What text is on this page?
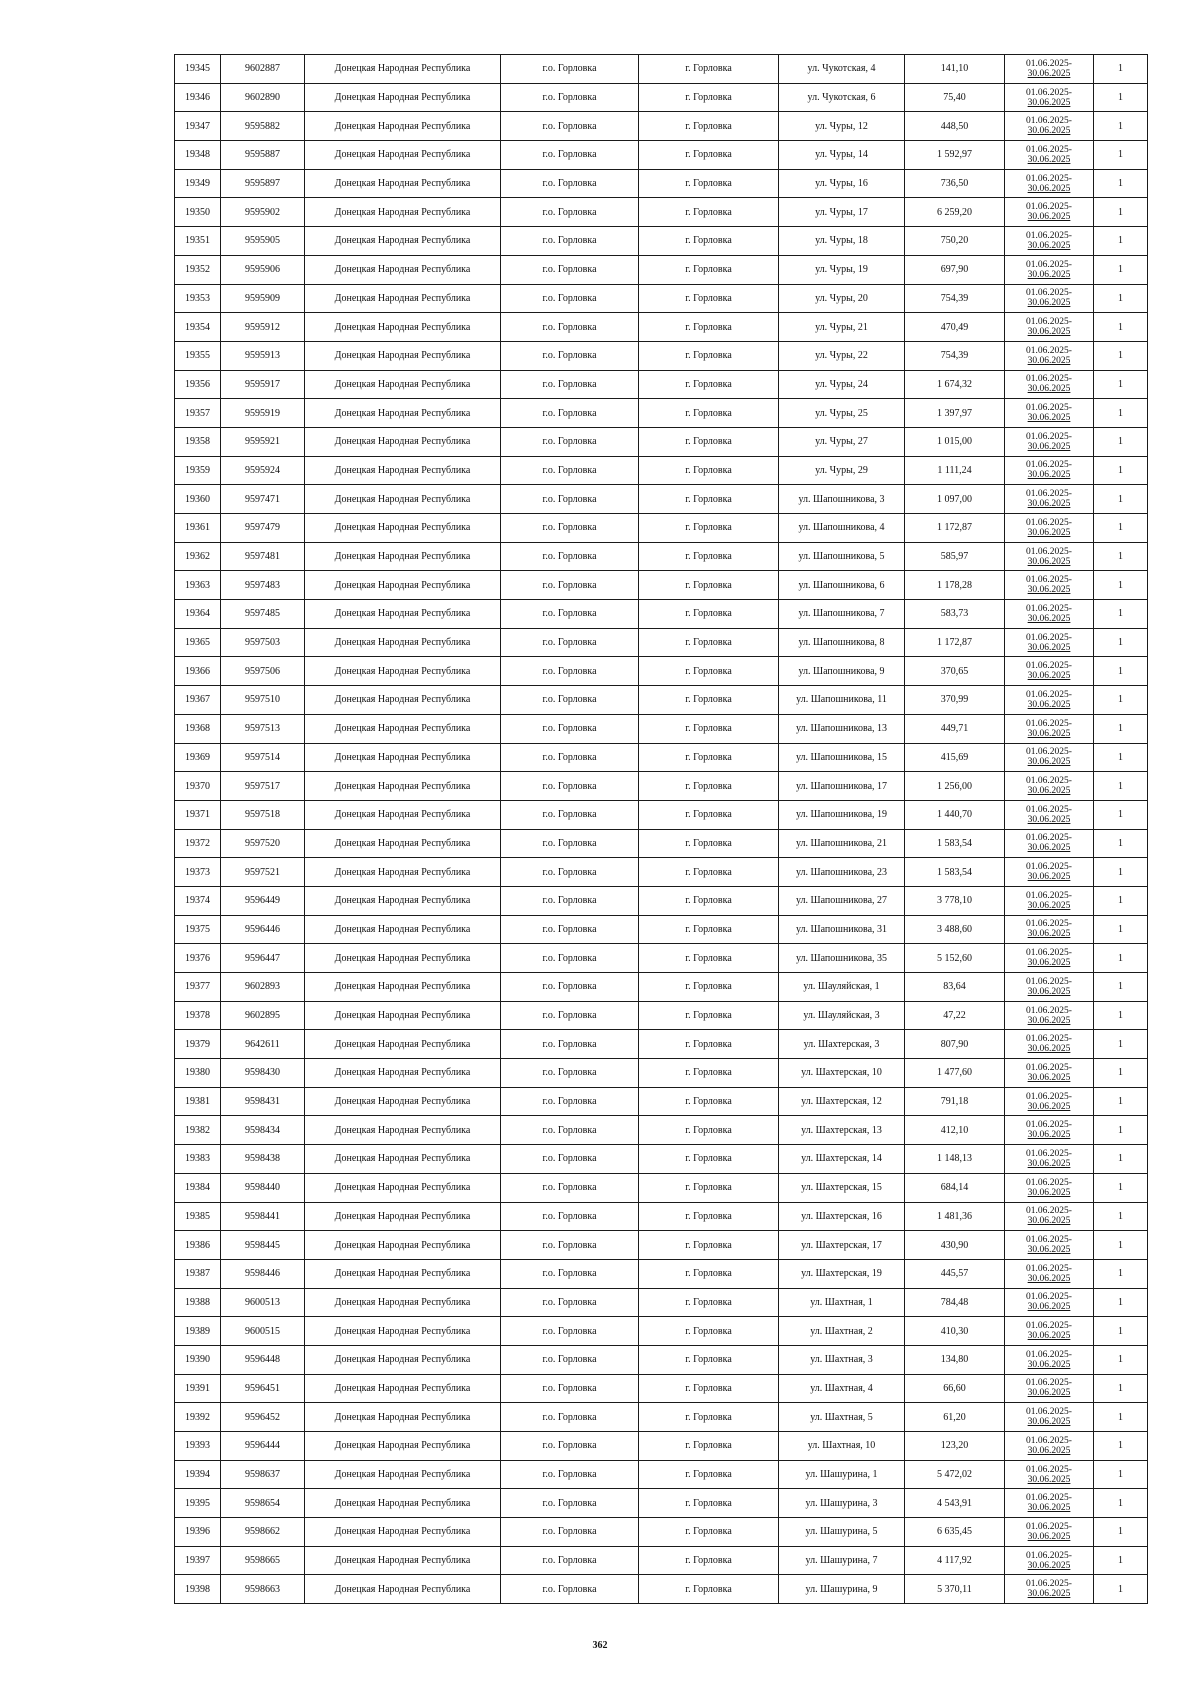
19345	9602887	Донецкая Народная Республика	г.о. Горловка	г. Горловка	ул. Чукотская, 4	141,10	01.06.2025-
30.06.2025	1
19346	9602890	Донецкая Народная Республика	г.о. Горловка	г. Горловка	ул. Чукотская, 6	75,40	01.06.2025-
30.06.2025	1
19347	9595882	Донецкая Народная Республика	г.о. Горловка	г. Горловка	ул. Чуры, 12	448,50	01.06.2025-
30.06.2025	1
19348	9595887	Донецкая Народная Республика	г.о. Горловка	г. Горловка	ул. Чуры, 14	1 592,97	01.06.2025-
30.06.2025	1
19349	9595897	Донецкая Народная Республика	г.о. Горловка	г. Горловка	ул. Чуры, 16	736,50	01.06.2025-
30.06.2025	1
19350	9595902	Донецкая Народная Республика	г.о. Горловка	г. Горловка	ул. Чуры, 17	6 259,20	01.06.2025-
30.06.2025	1
19351	9595905	Донецкая Народная Республика	г.о. Горловка	г. Горловка	ул. Чуры, 18	750,20	01.06.2025-
30.06.2025	1
19352	9595906	Донецкая Народная Республика	г.о. Горловка	г. Горловка	ул. Чуры, 19	697,90	01.06.2025-
30.06.2025	1
19353	9595909	Донецкая Народная Республика	г.о. Горловка	г. Горловка	ул. Чуры, 20	754,39	01.06.2025-
30.06.2025	1
19354	9595912	Донецкая Народная Республика	г.о. Горловка	г. Горловка	ул. Чуры, 21	470,49	01.06.2025-
30.06.2025	1
19355	9595913	Донецкая Народная Республика	г.о. Горловка	г. Горловка	ул. Чуры, 22	754,39	01.06.2025-
30.06.2025	1
19356	9595917	Донецкая Народная Республика	г.о. Горловка	г. Горловка	ул. Чуры, 24	1 674,32	01.06.2025-
30.06.2025	1
19357	9595919	Донецкая Народная Республика	г.о. Горловка	г. Горловка	ул. Чуры, 25	1 397,97	01.06.2025-
30.06.2025	1
19358	9595921	Донецкая Народная Республика	г.о. Горловка	г. Горловка	ул. Чуры, 27	1 015,00	01.06.2025-
30.06.2025	1
19359	9595924	Донецкая Народная Республика	г.о. Горловка	г. Горловка	ул. Чуры, 29	1 111,24	01.06.2025-
30.06.2025	1
19360	9597471	Донецкая Народная Республика	г.о. Горловка	г. Горловка	ул. Шапошникова, 3	1 097,00	01.06.2025-
30.06.2025	1
19361	9597479	Донецкая Народная Республика	г.о. Горловка	г. Горловка	ул. Шапошникова, 4	1 172,87	01.06.2025-
30.06.2025	1
19362	9597481	Донецкая Народная Республика	г.о. Горловка	г. Горловка	ул. Шапошникова, 5	585,97	01.06.2025-
30.06.2025	1
19363	9597483	Донецкая Народная Республика	г.о. Горловка	г. Горловка	ул. Шапошникова, 6	1 178,28	01.06.2025-
30.06.2025	1
19364	9597485	Донецкая Народная Республика	г.о. Горловка	г. Горловка	ул. Шапошникова, 7	583,73	01.06.2025-
30.06.2025	1
19365	9597503	Донецкая Народная Республика	г.о. Горловка	г. Горловка	ул. Шапошникова, 8	1 172,87	01.06.2025-
30.06.2025	1
19366	9597506	Донецкая Народная Республика	г.о. Горловка	г. Горловка	ул. Шапошникова, 9	370,65	01.06.2025-
30.06.2025	1
19367	9597510	Донецкая Народная Республика	г.о. Горловка	г. Горловка	ул. Шапошникова, 11	370,99	01.06.2025-
30.06.2025	1
19368	9597513	Донецкая Народная Республика	г.о. Горловка	г. Горловка	ул. Шапошникова, 13	449,71	01.06.2025-
30.06.2025	1
19369	9597514	Донецкая Народная Республика	г.о. Горловка	г. Горловка	ул. Шапошникова, 15	415,69	01.06.2025-
30.06.2025	1
19370	9597517	Донецкая Народная Республика	г.о. Горловка	г. Горловка	ул. Шапошникова, 17	1 256,00	01.06.2025-
30.06.2025	1
19371	9597518	Донецкая Народная Республика	г.о. Горловка	г. Горловка	ул. Шапошникова, 19	1 440,70	01.06.2025-
30.06.2025	1
19372	9597520	Донецкая Народная Республика	г.о. Горловка	г. Горловка	ул. Шапошникова, 21	1 583,54	01.06.2025-
30.06.2025	1
19373	9597521	Донецкая Народная Республика	г.о. Горловка	г. Горловка	ул. Шапошникова, 23	1 583,54	01.06.2025-
30.06.2025	1
19374	9596449	Донецкая Народная Республика	г.о. Горловка	г. Горловка	ул. Шапошникова, 27	3 778,10	01.06.2025-
30.06.2025	1
19375	9596446	Донецкая Народная Республика	г.о. Горловка	г. Горловка	ул. Шапошникова, 31	3 488,60	01.06.2025-
30.06.2025	1
19376	9596447	Донецкая Народная Республика	г.о. Горловка	г. Горловка	ул. Шапошникова, 35	5 152,60	01.06.2025-
30.06.2025	1
19377	9602893	Донецкая Народная Республика	г.о. Горловка	г. Горловка	ул. Шауляйская, 1	83,64	01.06.2025-
30.06.2025	1
19378	9602895	Донецкая Народная Республика	г.о. Горловка	г. Горловка	ул. Шауляйская, 3	47,22	01.06.2025-
30.06.2025	1
19379	9642611	Донецкая Народная Республика	г.о. Горловка	г. Горловка	ул. Шахтерская, 3	807,90	01.06.2025-
30.06.2025	1
19380	9598430	Донецкая Народная Республика	г.о. Горловка	г. Горловка	ул. Шахтерская, 10	1 477,60	01.06.2025-
30.06.2025	1
19381	9598431	Донецкая Народная Республика	г.о. Горловка	г. Горловка	ул. Шахтерская, 12	791,18	01.06.2025-
30.06.2025	1
19382	9598434	Донецкая Народная Республика	г.о. Горловка	г. Горловка	ул. Шахтерская, 13	412,10	01.06.2025-
30.06.2025	1
19383	9598438	Донецкая Народная Республика	г.о. Горловка	г. Горловка	ул. Шахтерская, 14	1 148,13	01.06.2025-
30.06.2025	1
19384	9598440	Донецкая Народная Республика	г.о. Горловка	г. Горловка	ул. Шахтерская, 15	684,14	01.06.2025-
30.06.2025	1
19385	9598441	Донецкая Народная Республика	г.о. Горловка	г. Горловка	ул. Шахтерская, 16	1 481,36	01.06.2025-
30.06.2025	1
19386	9598445	Донецкая Народная Республика	г.о. Горловка	г. Горловка	ул. Шахтерская, 17	430,90	01.06.2025-
30.06.2025	1
19387	9598446	Донецкая Народная Республика	г.о. Горловка	г. Горловка	ул. Шахтерская, 19	445,57	01.06.2025-
30.06.2025	1
19388	9600513	Донецкая Народная Республика	г.о. Горловка	г. Горловка	ул. Шахтная, 1	784,48	01.06.2025-
30.06.2025	1
19389	9600515	Донецкая Народная Республика	г.о. Горловка	г. Горловка	ул. Шахтная, 2	410,30	01.06.2025-
30.06.2025	1
19390	9596448	Донецкая Народная Республика	г.о. Горловка	г. Горловка	ул. Шахтная, 3	134,80	01.06.2025-
30.06.2025	1
19391	9596451	Донецкая Народная Республика	г.о. Горловка	г. Горловка	ул. Шахтная, 4	66,60	01.06.2025-
30.06.2025	1
19392	9596452	Донецкая Народная Республика	г.о. Горловка	г. Горловка	ул. Шахтная, 5	61,20	01.06.2025-
30.06.2025	1
19393	9596444	Донецкая Народная Республика	г.о. Горловка	г. Горловка	ул. Шахтная, 10	123,20	01.06.2025-
30.06.2025	1
19394	9598637	Донецкая Народная Республика	г.о. Горловка	г. Горловка	ул. Шашурина, 1	5 472,02	01.06.2025-
30.06.2025	1
19395	9598654	Донецкая Народная Республика	г.о. Горловка	г. Горловка	ул. Шашурина, 3	4 543,91	01.06.2025-
30.06.2025	1
19396	9598662	Донецкая Народная Республика	г.о. Горловка	г. Горловка	ул. Шашурина, 5	6 635,45	01.06.2025-
30.06.2025	1
19397	9598665	Донецкая Народная Республика	г.о. Горловка	г. Горловка	ул. Шашурина, 7	4 117,92	01.06.2025-
30.06.2025	1
19398	9598663	Донецкая Народная Республика	г.о. Горловка	г. Горловка	ул. Шашурина, 9	5 370,11	01.06.2025-
30.06.2025	1
362
